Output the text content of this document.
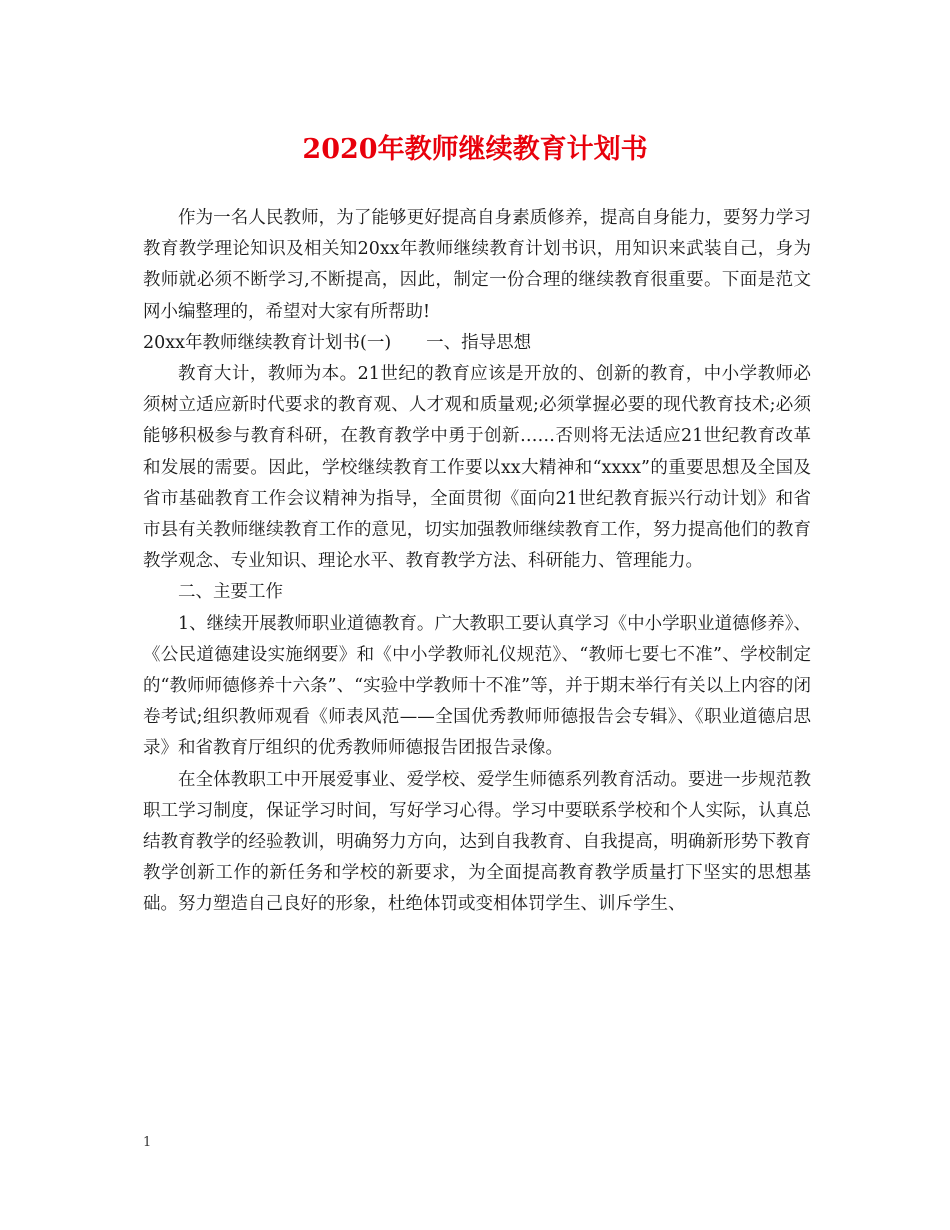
2020年教师继续教育计划书

作为一名人民教师，为了能够更好提高自身素质修养，提高自身能力，要努力学习教育教学理论知识及相关知20xx年教师继续教育计划书识，用知识来武装自己，身为教师就必须不断学习,不断提高，因此，制定一份合理的继续教育很重要。下面是范文网小编整理的，希望对大家有所帮助!

20xx年教师继续教育计划书(一)　　一、指导思想

教育大计，教师为本。21世纪的教育应该是开放的、创新的教育，中小学教师必须树立适应新时代要求的教育观、人才观和质量观;必须掌握必要的现代教育技术;必须能够积极参与教育科研，在教育教学中勇于创新……否则将无法适应21世纪教育改革和发展的需要。因此，学校继续教育工作要以xx大精神和“xxxx”的重要思想及全国及省市基础教育工作会议精神为指导，全面贯彻《面向21世纪教育振兴行动计划》和省市县有关教师继续教育工作的意见，切实加强教师继续教育工作，努力提高他们的教育教学观念、专业知识、理论水平、教育教学方法、科研能力、管理能力。

二、主要工作

1、继续开展教师职业道德教育。广大教职工要认真学习《中小学职业道德修养》、《公民道德建设实施纲要》和《中小学教师礼仪规范》、“教师七要七不准”、学校制定的“教师师德修养十六条”、“实验中学教师十不准”等，并于期末举行有关以上内容的闭卷考试;组织教师观看《师表风范——全国优秀教师师德报告会专辑》、《职业道德启思录》和省教育厅组织的优秀教师师德报告团报告录像。

在全体教职工中开展爱事业、爱学校、爱学生师德系列教育活动。要进一步规范教职工学习制度，保证学习时间，写好学习心得。学习中要联系学校和个人实际，认真总结教育教学的经验教训，明确努力方向，达到自我教育、自我提高，明确新形势下教育教学创新工作的新任务和学校的新要求，为全面提高教育教学质量打下坚实的思想基础。努力塑造自己良好的形象，杜绝体罚或变相体罚学生、训斥学生、

1
